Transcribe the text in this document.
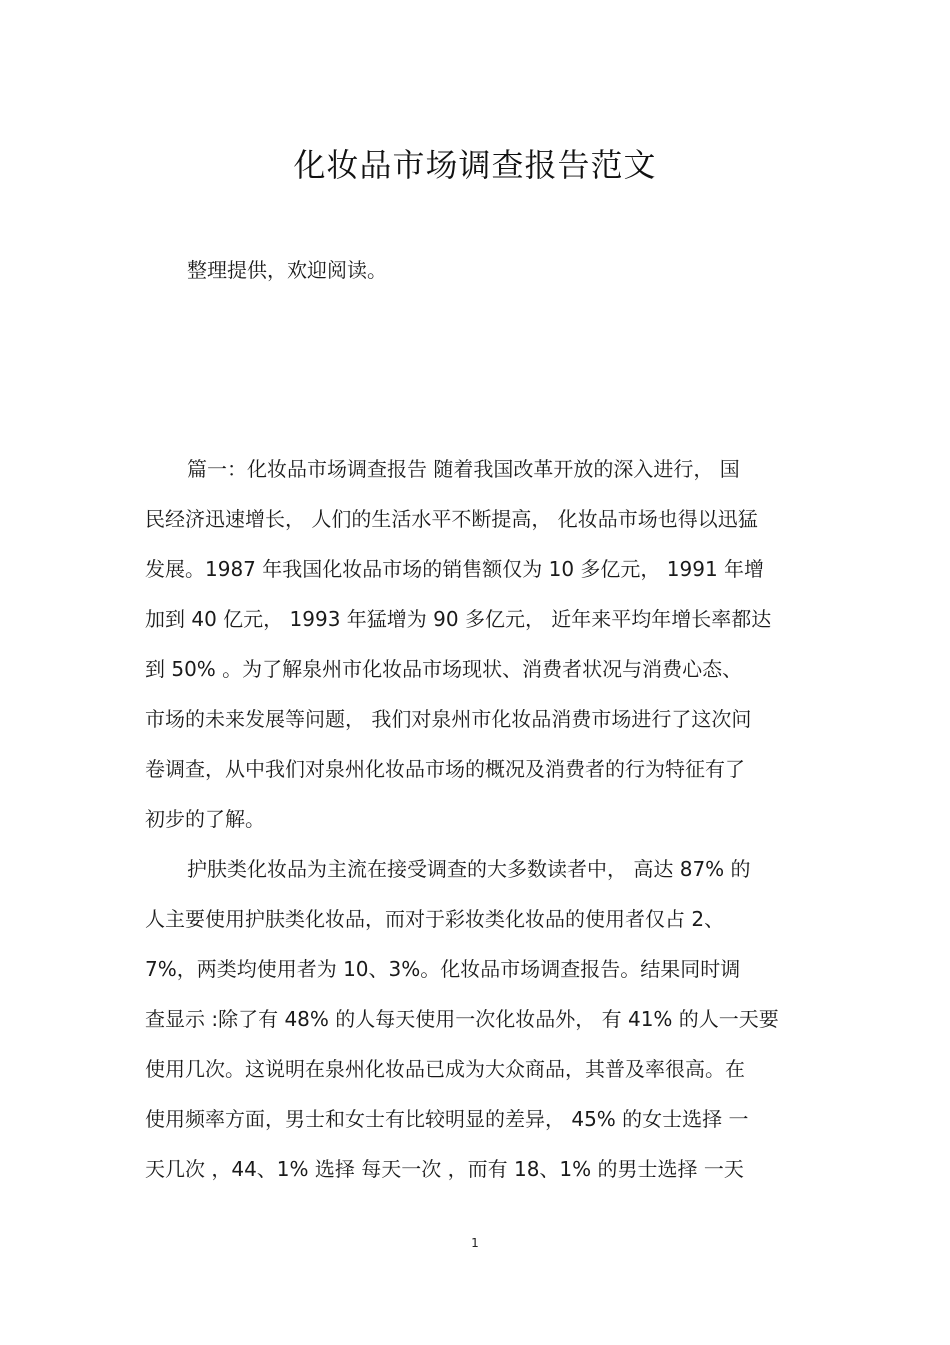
化妆品市场调查报告范文
整理提供，欢迎阅读。
篇一：化妆品市场调查报告 随着我国改革开放的深入进行， 国
民经济迅速增长， 人们的生活水平不断提高， 化妆品市场也得以迅猛
发展。1987 年我国化妆品市场的销售额仅为 10 多亿元， 1991 年增
加到 40 亿元， 1993 年猛增为 90 多亿元， 近年来平均年增长率都达
到 50% 。为了解泉州市化妆品市场现状、消费者状况与消费心态、
市场的未来发展等问题， 我们对泉州市化妆品消费市场进行了这次问
卷调查，从中我们对泉州化妆品市场的概况及消费者的行为特征有了
初步的了解。
护肤类化妆品为主流在接受调查的大多数读者中， 高达 87% 的
人主要使用护肤类化妆品，而对于彩妆类化妆品的使用者仅占 2、
7%，两类均使用者为 10、3%。化妆品市场调查报告。结果同时调
查显示 :除了有 48% 的人每天使用一次化妆品外， 有 41% 的人一天要
使用几次。这说明在泉州化妆品已成为大众商品，其普及率很高。在
使用频率方面，男士和女士有比较明显的差异， 45% 的女士选择 一
天几次 ，44、1% 选择 每天一次 ，而有 18、1% 的男士选择 一天
1
